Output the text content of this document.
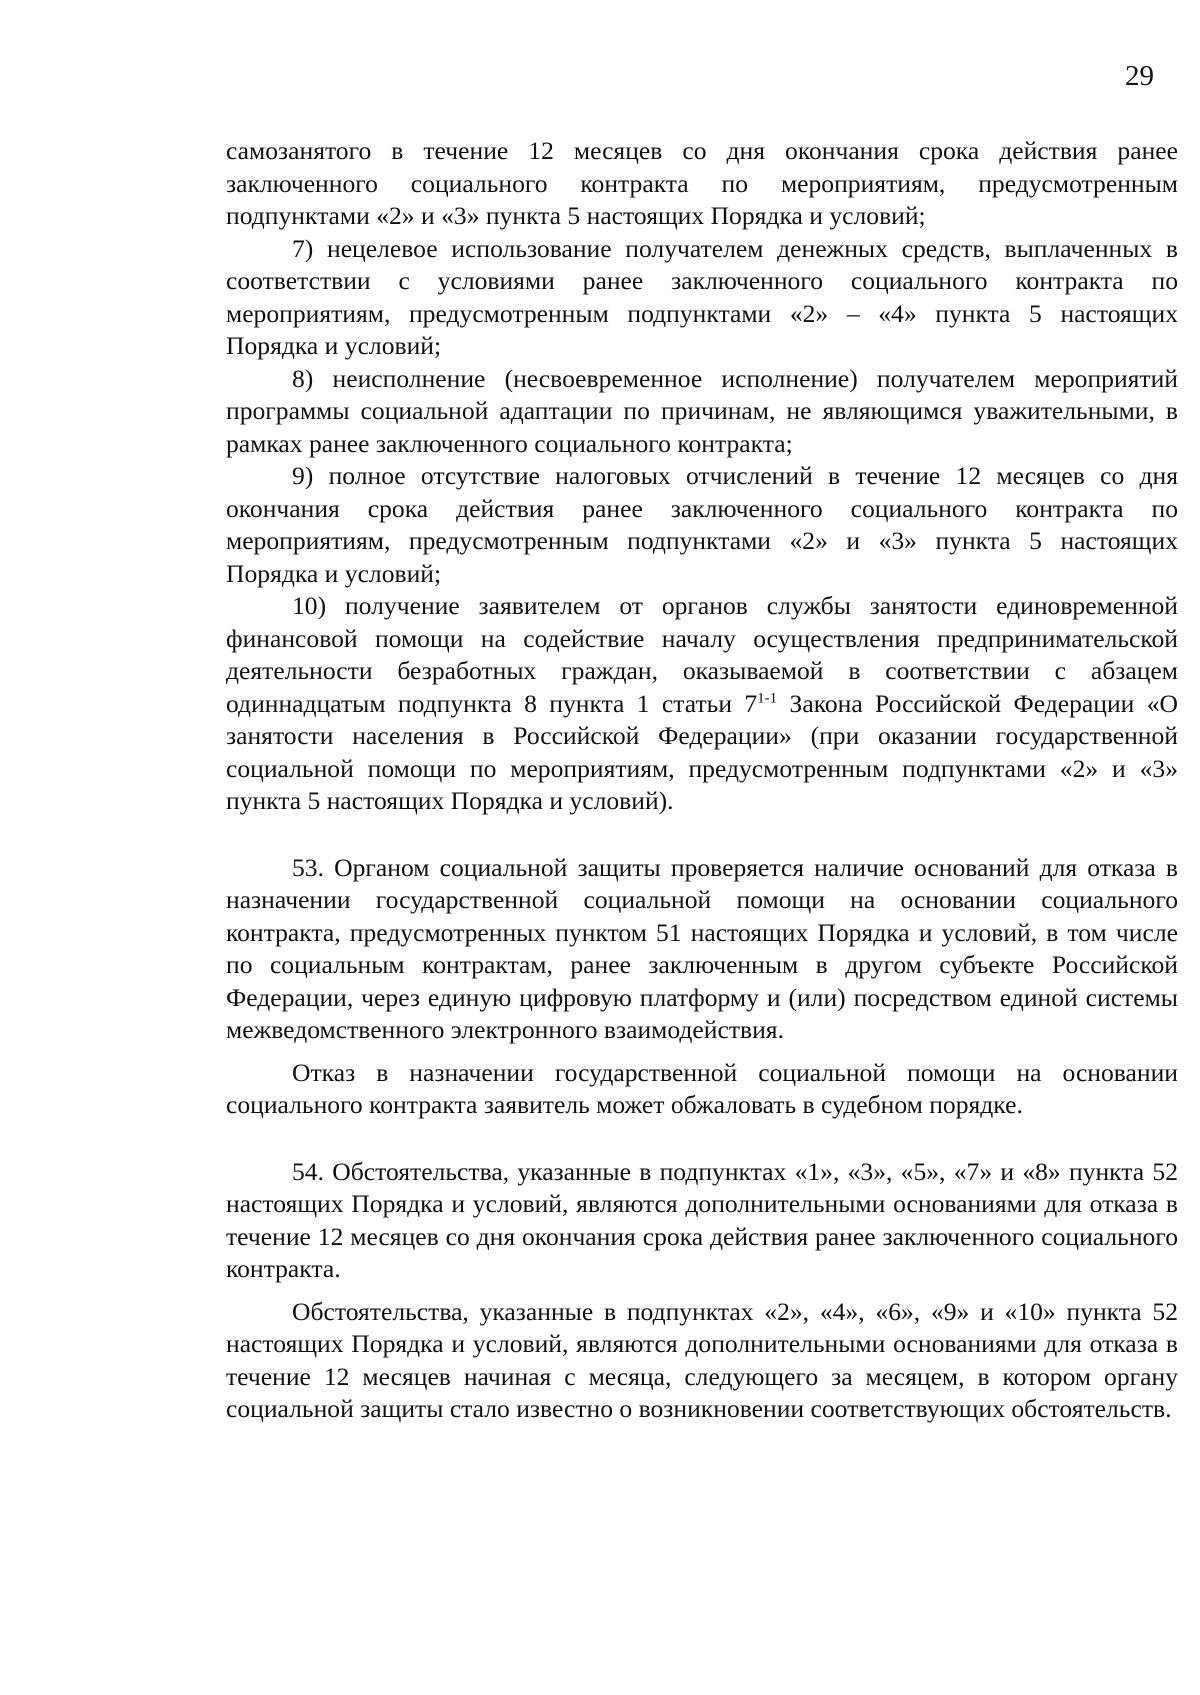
29

самозанятого в течение 12 месяцев со дня окончания срока действия ранее заключенного социального контракта по мероприятиям, предусмотренным подпунктами «2» и «3» пункта 5 настоящих Порядка и условий;

7) нецелевое использование получателем денежных средств, выплаченных в соответствии с условиями ранее заключенного социального контракта по мероприятиям, предусмотренным подпунктами «2» – «4» пункта 5 настоящих Порядка и условий;

8) неисполнение (несвоевременное исполнение) получателем мероприятий программы социальной адаптации по причинам, не являющимся уважительными, в рамках ранее заключенного социального контракта;

9) полное отсутствие налоговых отчислений в течение 12 месяцев со дня окончания срока действия ранее заключенного социального контракта по мероприятиям, предусмотренным подпунктами «2» и «3» пункта 5 настоящих Порядка и условий;

10) получение заявителем от органов службы занятости единовременной финансовой помощи на содействие началу осуществления предпринимательской деятельности безработных граждан, оказываемой в соответствии с абзацем одиннадцатым подпункта 8 пункта 1 статьи 7$^{1-1}$ Закона Российской Федерации «О занятости населения в Российской Федерации» (при оказании государственной социальной помощи по мероприятиям, предусмотренным подпунктами «2» и «3» пункта 5 настоящих Порядка и условий).

53. Органом социальной защиты проверяется наличие оснований для отказа в назначении государственной социальной помощи на основании социального контракта, предусмотренных пунктом 51 настоящих Порядка и условий, в том числе по социальным контрактам, ранее заключенным в другом субъекте Российской Федерации, через единую цифровую платформу и (или) посредством единой системы межведомственного электронного взаимодействия.

Отказ в назначении государственной социальной помощи на основании социального контракта заявитель может обжаловать в судебном порядке.

54. Обстоятельства, указанные в подпунктах «1», «3», «5», «7» и «8» пункта 52 настоящих Порядка и условий, являются дополнительными основаниями для отказа в течение 12 месяцев со дня окончания срока действия ранее заключенного социального контракта.

Обстоятельства, указанные в подпунктах «2», «4», «6», «9» и «10» пункта 52 настоящих Порядка и условий, являются дополнительными основаниями для отказа в течение 12 месяцев начиная с месяца, следующего за месяцем, в котором органу социальной защиты стало известно о возникновении соответствующих обстоятельств.
